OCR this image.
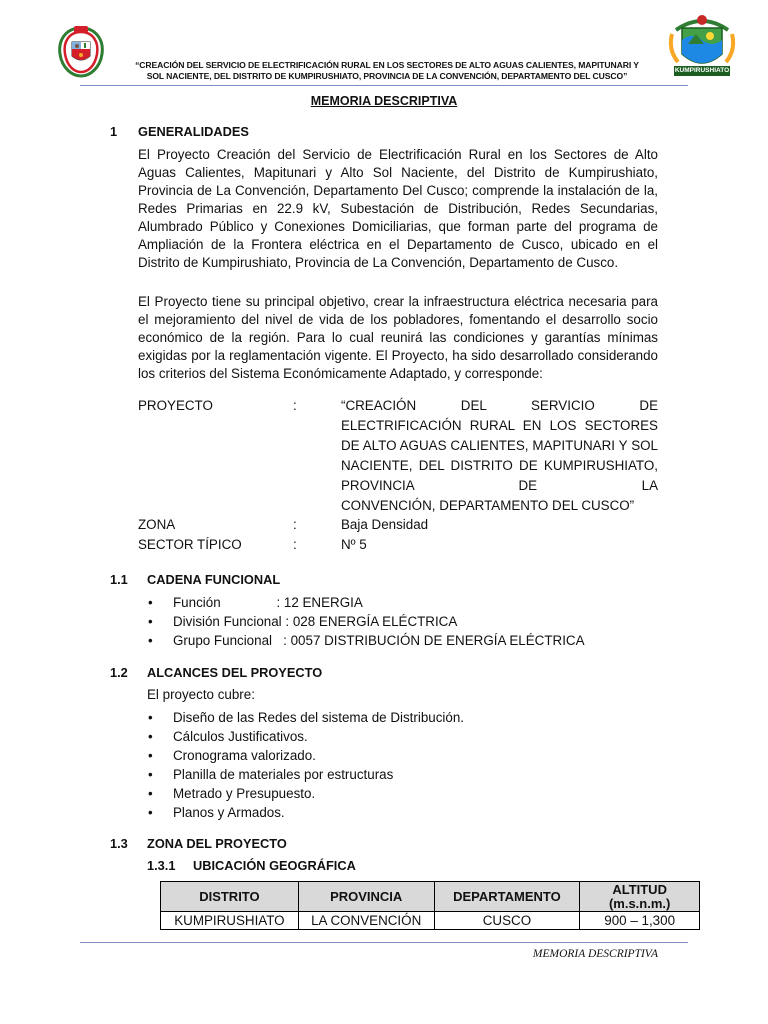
“CREACIÓN DEL SERVICIO DE ELECTRIFICACIÓN RURAL EN LOS SECTORES DE ALTO AGUAS CALIENTES, MAPITUNARI Y
SOL NACIENTE, DEL DISTRITO DE KUMPIRUSHIATO, PROVINCIA DE LA CONVENCIÓN, DEPARTAMENTO DEL CUSCO”
KUMPIRUSHIATO
MEMORIA DESCRIPTIVA
1 GENERALIDADES
El Proyecto Creación del Servicio de Electrificación Rural en los Sectores de Alto Aguas Calientes, Mapitunari y Alto Sol Naciente, del Distrito de Kumpirushiato, Provincia de La Convención, Departamento Del Cusco; comprende la instalación de la, Redes Primarias en 22.9 kV, Subestación de Distribución, Redes Secundarias, Alumbrado Público y Conexiones Domiciliarias, que forman parte del programa de Ampliación de la Frontera eléctrica en el Departamento de Cusco, ubicado en el Distrito de Kumpirushiato, Provincia de La Convención, Departamento de Cusco.
El Proyecto tiene su principal objetivo, crear la infraestructura eléctrica necesaria para el mejoramiento del nivel de vida de los pobladores, fomentando el desarrollo socio económico de la región. Para lo cual reunirá las condiciones y garantías mínimas exigidas por la reglamentación vigente. El Proyecto, ha sido desarrollado considerando los criterios del Sistema Económicamente Adaptado, y corresponde:
PROYECTO	:	“CREACIÓN DEL SERVICIO DE ELECTRIFICACIÓN RURAL EN LOS SECTORES DE ALTO AGUAS CALIENTES, MAPITUNARI Y SOL NACIENTE, DEL DISTRITO DE KUMPIRUSHIATO, PROVINCIA DE LA
CONVENCIÓN, DEPARTAMENTO DEL CUSCO”
ZONA	:	Baja Densidad
SECTOR TÍPICO	:	Nº 5
1.1 CADENA FUNCIONAL
• Función               : 12 ENERGIA
• División Funcional : 028 ENERGÍA ELÉCTRICA
• Grupo Funcional   : 0057 DISTRIBUCIÓN DE ENERGÍA ELÉCTRICA
1.2 ALCANCES DEL PROYECTO
El proyecto cubre:
• Diseño de las Redes del sistema de Distribución.
• Cálculos Justificativos.
• Cronograma valorizado.
• Planilla de materiales por estructuras
• Metrado y Presupuesto.
• Planos y Armados.
1.3 ZONA DEL PROYECTO
1.3.1 UBICACIÓN GEOGRÁFICA
DISTRITO	PROVINCIA	DEPARTAMENTO	ALTITUD
(m.s.n.m.)

KUMPIRUSHIATO	LA CONVENCIÓN	CUSCO	900 – 1,300
MEMORIA DESCRIPTIVA
